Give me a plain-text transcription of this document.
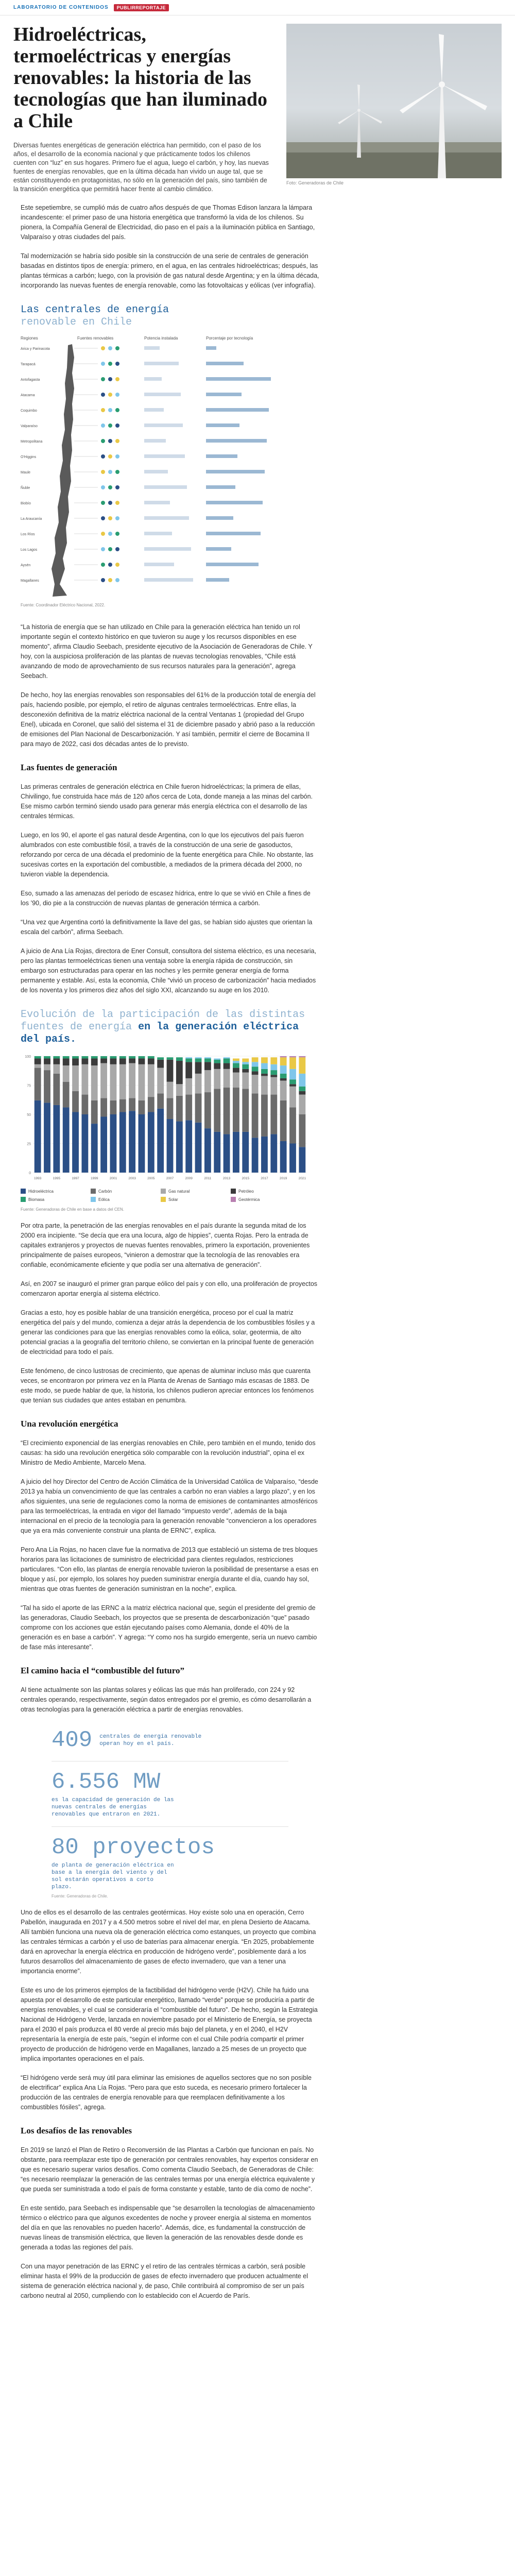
LABORATORIO DE CONTENIDOS	PUBLIRREPORTAJE
Hidroeléctricas, termoeléctricas y energías renovables: la historia de las tecnologías que han iluminado a Chile

Diversas fuentes energéticas de generación eléctrica han permitido, con el paso de los años, el desarrollo de la economía nacional y que prácticamente todos los chilenos cuenten con “luz” en sus hogares. Primero fue el agua, luego el carbón, y hoy, las nuevas fuentes de energías renovables, que en la última década han vivido un auge tal, que se están constituyendo en protagonistas, no sólo en la generación del país, sino también de la transición energética que permitirá hacer frente al cambio climático.

Foto: Generadoras de Chile

Este sepetiembre, se cumplió más de cuatro años después de que Thomas Edison lanzara la lámpara incandescente: el primer paso de una historia energética que transformó la vida de los chilenos. Su pionera, la Compañía General de Electricidad, dio paso en el país a la iluminación pública en Santiago, Valparaíso y otras ciudades del país.

Tal modernización se habría sido posible sin la construcción de una serie de centrales de generación basadas en distintos tipos de energía: primero, en el agua, en las centrales hidroeléctricas; después, las plantas térmicas a carbón; luego, con la provisión de gas natural desde Argentina; y en la última década, incorporando las nuevas fuentes de energía renovable, como las fotovoltaicas y eólicas (ver infografía).

Las centrales de energía
renovable en Chile
Regiones	Fuentes renovables	Potencia instalada	Porcentaje por tecnología
Arica y Parinacota
Tarapacá
Antofagasta
Atacama
Coquimbo
Valparaíso
Metropolitana
O'Higgins
Maule
Ñuble
Biobío
La Araucanía
Los Ríos
Los Lagos
Aysén
Magallanes
Fuente: Coordinador Eléctrico Nacional, 2022.

“La historia de energía que se han utilizado en Chile para la generación eléctrica han tenido un rol importante según el contexto histórico en que tuvieron su auge y los recursos disponibles en ese momento”, afirma Claudio Seebach, presidente ejecutivo de la Asociación de Generadoras de Chile. Y hoy, con la auspiciosa proliferación de las plantas de nuevas tecnologías renovables, “Chile está avanzando de modo de aprovechamiento de sus recursos naturales para la generación”, agrega Seebach.

De hecho, hoy las energías renovables son responsables del 61% de la producción total de energía del país, haciendo posible, por ejemplo, el retiro de algunas centrales termoeléctricas. Entre ellas, la desconexión definitiva de la matriz eléctrica nacional de la central Ventanas 1 (propiedad del Grupo Enel), ubicada en Coronel, que salió del sistema el 31 de diciembre pasado y abrió paso a la reducción de emisiones del Plan Nacional de Descarbonización. Y así también, permitir el cierre de Bocamina II para mayo de 2022, casi dos décadas antes de lo previsto.

Las fuentes de generación

Las primeras centrales de generación eléctrica en Chile fueron hidroeléctricas; la primera de ellas, Chivilingo, fue construida hace más de 120 años cerca de Lota, donde maneja a las minas del carbón. Ese mismo carbón terminó siendo usado para generar más energía eléctrica con el desarrollo de las centrales térmicas.

Luego, en los 90, el aporte el gas natural desde Argentina, con lo que los ejecutivos del país fueron alumbrados con este combustible fósil, a través de la construcción de una serie de gasoductos, reforzando por cerca de una década el predominio de la fuente energética para Chile. No obstante, las sucesivas cortes en la exportación del combustible, a mediados de la primera década del 2000, no tuvieron viable la dependencia.

Eso, sumado a las amenazas del período de escasez hídrica, entre lo que se vivió en Chile a fines de los ’90, dio pie a la construcción de nuevas plantas de generación térmica a carbón.

“Una vez que Argentina cortó la definitivamente la llave del gas, se habían sido ajustes que orientan la escala del carbón”, afirma Seebach.

A juicio de Ana Lía Rojas, directora de Ener Consult, consultora del sistema eléctrico, es una necesaria, pero las plantas termoeléctricas tienen una ventaja sobre la energía rápida de construcción, sin embargo son estructuradas para operar en las noches y les permite generar energía de forma permanente y estable. Así, esta la economía, Chile “vivió un proceso de carbonización” hacia mediados de los noventa y los primeros diez años del siglo XXI, alcanzando su auge en los 2010.

Evolución de la participación de las distintas fuentes de energía en la generación eléctrica del país.
0
25
50
75
100
1993	1995	1997	1999	2001	2003	2005	2007	2009	2011	2013	2015	2017	2019	2021
Hidroeléctrica	Carbón	Gas natural	Petróleo
Biomasa	Eólica	Solar	Geotérmica
Fuente: Generadoras de Chile en base a datos del CEN.

Por otra parte, la penetración de las energías renovables en el país durante la segunda mitad de los 2000 era incipiente. “Se decía que era una locura, algo de hippies”, cuenta Rojas. Pero la entrada de capitales extranjeros y proyectos de nuevas fuentes renovables, primero la exportación, provenientes principalmente de países europeos, “vinieron a demostrar que la tecnología de las renovables era confiable, económicamente eficiente y que podía ser una alternativa de generación”.

Así, en 2007 se inauguró el primer gran parque eólico del país y con ello, una proliferación de proyectos comenzaron aportar energía al sistema eléctrico.

Gracias a esto, hoy es posible hablar de una transición energética, proceso por el cual la matriz energética del país y del mundo, comienza a dejar atrás la dependencia de los combustibles fósiles y a generar las condiciones para que las energías renovables como la eólica, solar, geotermia, de alto potencial gracias a la geografía del territorio chileno, se conviertan en la principal fuente de generación de electricidad para todo el país.

Este fenómeno, de cinco lustrosas de crecimiento, que apenas de aluminar incluso más que cuarenta veces, se encontraron por primera vez en la Planta de Arenas de Santiago más escasas de 1883. De este modo, se puede hablar de que, la historia, los chilenos pudieron apreciar entonces los fenómenos que tenían sus ciudades que antes estaban en penumbra.

Una revolución energética

“El crecimiento exponencial de las energías renovables en Chile, pero también en el mundo, tenido dos causas: ha sido una revolución energética sólo comparable con la revolución industrial”, opina el ex Ministro de Medio Ambiente, Marcelo Mena.

A juicio del hoy Director del Centro de Acción Climática de la Universidad Católica de Valparaíso, “desde 2013 ya había un convencimiento de que las centrales a carbón no eran viables a largo plazo”, y en los años siguientes, una serie de regulaciones como la norma de emisiones de contaminantes atmosféricos para las termoeléctricas, la entrada en vigor del llamado “impuesto verde”, además de la baja internacional en el precio de la tecnología para la generación renovable “convencieron a los operadores que ya era más conveniente construir una planta de ERNC”, explica.

Pero Ana Lía Rojas, no hacen clave fue la normativa de 2013 que estableció un sistema de tres bloques horarios para las licitaciones de suministro de electricidad para clientes regulados, restricciones particulares. “Con ello, las plantas de energía renovable tuvieron la posibilidad de presentarse a esas en bloque y así, por ejemplo, los solares hoy pueden suministrar energía durante el día, cuando hay sol, mientras que otras fuentes de generación suministran en la noche”, explica.

“Tal ha sido el aporte de las ERNC a la matriz eléctrica nacional que, según el presidente del gremio de las generadoras, Claudio Seebach, los proyectos que se presenta de descarbonización “que” pasado comprome con los acciones que están ejecutando países como Alemania, donde el 40% de la generación es en base a carbón”. Y agrega: “Y como nos ha surgido emergente, sería un nuevo cambio de fase más interesante”.

El camino hacia el “combustible del futuro”

Al tiene actualmente son las plantas solares y eólicas las que más han proliferado, con 224 y 92 centrales operando, respectivamente, según datos entregados por el gremio, es cómo desarrollarán a otras tecnologías para la generación eléctrica a partir de energías renovables.

409 centrales de energía renovable operan hoy en el país.
6.556 MW
es la capacidad de generación de las nuevas centrales de energías renovables que entraron en 2021.
80 proyectos
de planta de generación eléctrica en base a la energía del viento y del sol estarán operativos a corto plazo.
Fuente: Generadoras de Chile.

Uno de ellos es el desarrollo de las centrales geotérmicas. Hoy existe solo una en operación, Cerro Pabellón, inaugurada en 2017 y a 4.500 metros sobre el nivel del mar, en plena Desierto de Atacama. Allí también funciona una nueva ola de generación eléctrica como estanques, un proyecto que combina las centrales térmicas a carbón y el uso de baterías para almacenar energía. “En 2025, probablemente dará en aprovechar la energía eléctrica en producción de hidrógeno verde”, posiblemente dará a los futuros desarrollos del almacenamiento de gases de efecto invernadero, que van a tener una importancia enorme”.

Este es uno de los primeros ejemplos de la factibilidad del hidrógeno verde (H2V). Chile ha fuido una apuesta por el desarrollo de este particular energético, llamado “verde” porque se produciría a partir de energías renovables, y el cual se consideraría el “combustible del futuro”. De hecho, según la Estrategia Nacional de Hidrógeno Verde, lanzada en noviembre pasado por el Ministerio de Energía, se proyecta para el 2030 el país produzca el 80 verde al precio más bajo del planeta, y en el 2040, el H2V representaría la energía de este país, “según el informe con el cual Chile podría compartir el primer proyecto de producción de hidrógeno verde en Magallanes, lanzado a 25 meses de un proyecto que implica importantes operaciones en el país.

“El hidrógeno verde será muy útil para eliminar las emisiones de aquellos sectores que no son posible de electrificar” explica Ana Lía Rojas. “Pero para que esto suceda, es necesario primero fortalecer la producción de las centrales de energía renovable para que reemplacen definitivamente a los combustibles fósiles”, agrega.

Los desafíos de las renovables

En 2019 se lanzó el Plan de Retiro o Reconversión de las Plantas a Carbón que funcionan en país. No obstante, para reemplazar este tipo de generación por centrales renovables, hay expertos considerar en que es necesario superar varios desafíos. Como comenta Claudio Seebach, de Generadoras de Chile: “es necesario reemplazar la generación de las centrales termas por una energía eléctrica equivalente y que pueda ser suministrada a todo el país de forma constante y estable, tanto de día como de noche”.

En este sentido, para Seebach es indispensable que “se desarrollen la tecnologías de almacenamiento térmico o eléctrico para que algunos excedentes de noche y proveer energía al sistema en momentos del día en que las renovables no pueden hacerlo”. Además, dice, es fundamental la construcción de nuevas líneas de transmisión eléctrica, que lleven la generación de las renovables desde donde es generada a todas las regiones del país.

Con una mayor penetración de las ERNC y el retiro de las centrales térmicas a carbón, será posible eliminar hasta el 99% de la producción de gases de efecto invernadero que producen actualmente el sistema de generación eléctrica nacional y, de paso, Chile contribuirá al compromiso de ser un país carbono neutral al 2050, cumpliendo con lo establecido con el Acuerdo de París.
